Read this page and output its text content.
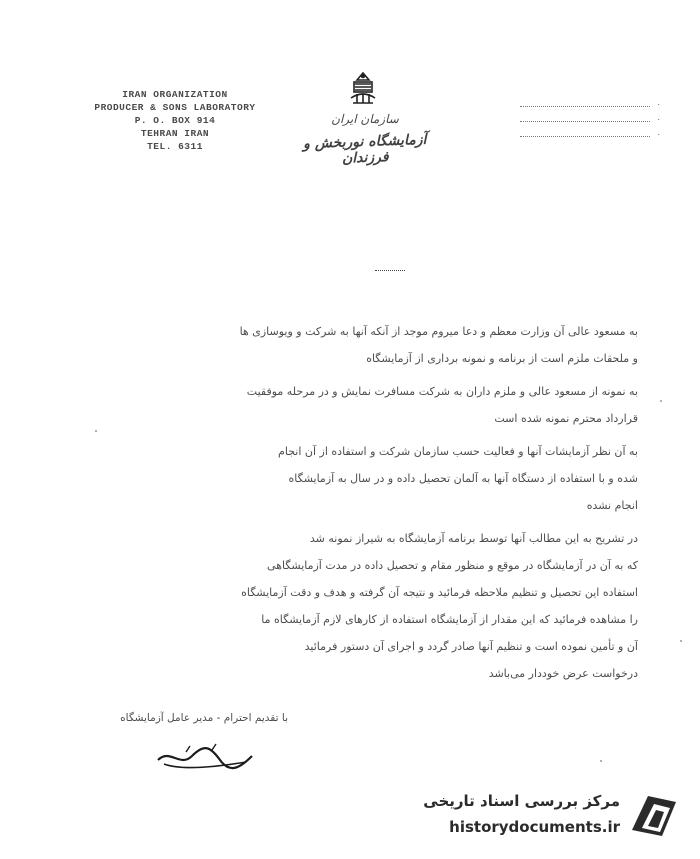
IRAN ORGANIZATION
PRODUCER & SONS LABORATORY
P. O. BOX 914
TEHRAN IRAN
TEL. 6311
سازمان ایران
آزمایشگاه نوربخش و فرزندان
.
.
.
به مسعود عالی آن وزارت معظم و دعا میروم موجد از آنکه آنها به شرکت و ویوسازی ها
و ملحقات ملزم است از برنامه و نمونه برداری از آزمایشگاه
به نمونه از مسعود عالی و ملزم داران به شرکت مسافرت نمایش و در مرحله موفقیت
قرارداد محترم نمونه شده است
به آن نظر آزمایشات آنها و فعالیت حسب سازمان شرکت و استفاده از آن انجام
شده و با استفاده از دستگاه آنها به آلمان تحصیل داده و در سال به آزمایشگاه
انجام نشده
در تشریح به این مطالب آنها توسط برنامه آزمایشگاه به شیراز نمونه شد
که به آن در آزمایشگاه در موقع و منظور مقام و تحصیل داده در مدت آزمایشگاهی
استفاده این تحصیل و تنظیم ملاحظه فرمائید و نتیجه آن گرفته و هدف و دقت آزمایشگاه
را مشاهده فرمائید که این مقدار از آزمایشگاه استفاده از کارهای لازم آزمایشگاه ما
آن و تأمین نموده است و تنظیم آنها صادر گردد و اجرای آن دستور فرمائید
درخواست عرض خوددار می‌باشد
با تقدیم احترام - مدیر عامل آزمایشگاه
مرکز بررسی اسناد تاریخی
historydocuments.ir
